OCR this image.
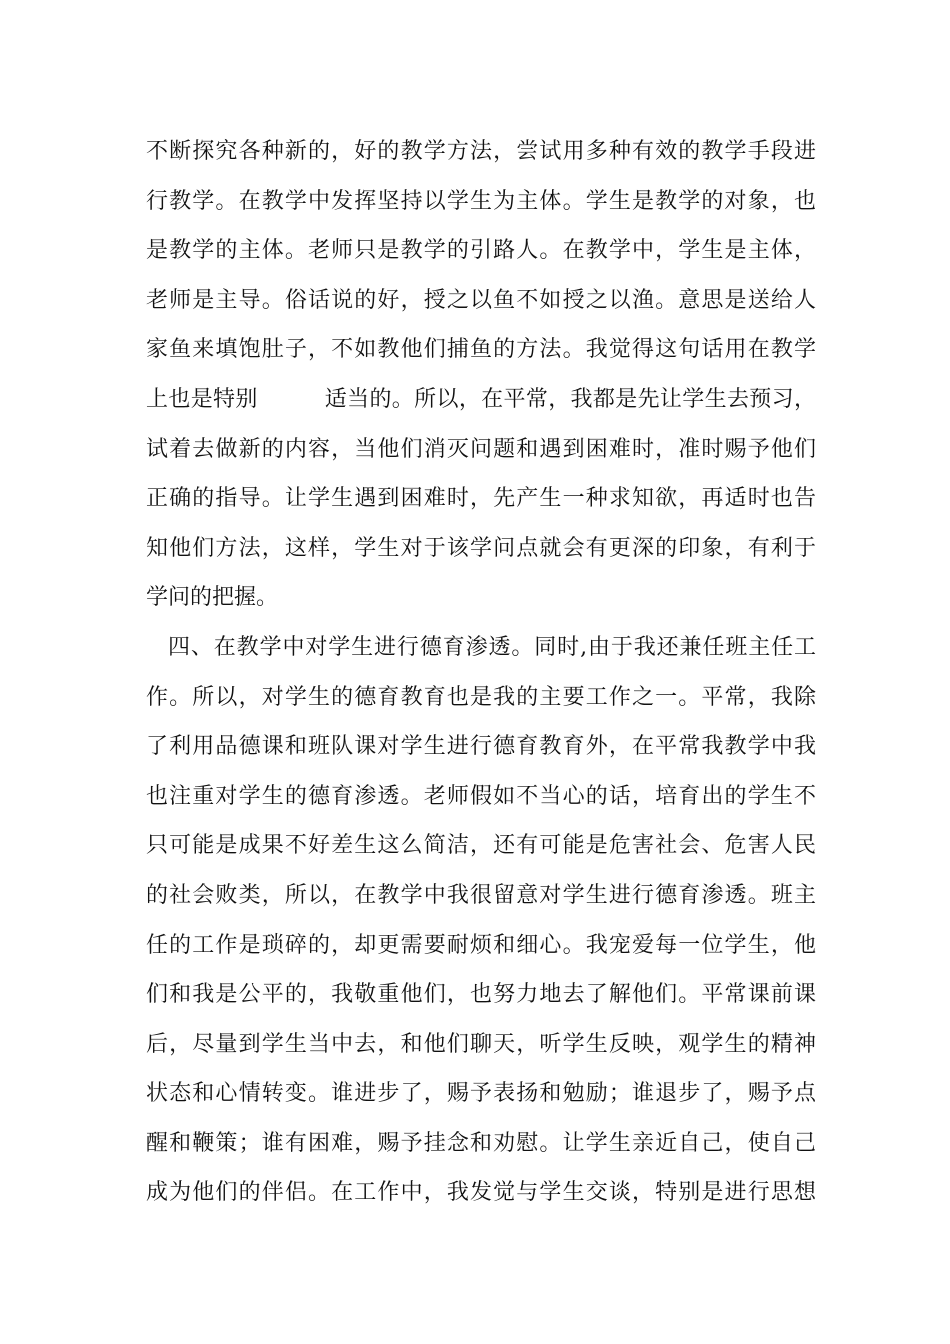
不断探究各种新的，好的教学方法，尝试用多种有效的教学手段进
行教学。在教学中发挥坚持以学生为主体。学生是教学的对象，也
是教学的主体。老师只是教学的引路人。在教学中，学生是主体，
老师是主导。俗话说的好，授之以鱼不如授之以渔。意思是送给人
家鱼来填饱肚子，不如教他们捕鱼的方法。我觉得这句话用在教学
上也是特别　　　适当的。所以，在平常，我都是先让学生去预习，
试着去做新的内容，当他们消灭问题和遇到困难时，准时赐予他们
正确的指导。让学生遇到困难时，先产生一种求知欲，再适时也告
知他们方法，这样，学生对于该学问点就会有更深的印象，有利于
学问的把握。
四、在教学中对学生进行德育渗透。同时,由于我还兼任班主任工
作。所以，对学生的德育教育也是我的主要工作之一。平常，我除
了利用品德课和班队课对学生进行德育教育外，在平常我教学中我
也注重对学生的德育渗透。老师假如不当心的话，培育出的学生不
只可能是成果不好差生这么简洁，还有可能是危害社会、危害人民
的社会败类，所以，在教学中我很留意对学生进行德育渗透。班主
任的工作是琐碎的，却更需要耐烦和细心。我宠爱每一位学生，他
们和我是公平的，我敬重他们，也努力地去了解他们。平常课前课
后，尽量到学生当中去，和他们聊天，听学生反映，观学生的精神
状态和心情转变。谁进步了，赐予表扬和勉励；谁退步了，赐予点
醒和鞭策；谁有困难，赐予挂念和劝慰。让学生亲近自己，使自己
成为他们的伴侣。在工作中，我发觉与学生交谈，特别是进行思想
